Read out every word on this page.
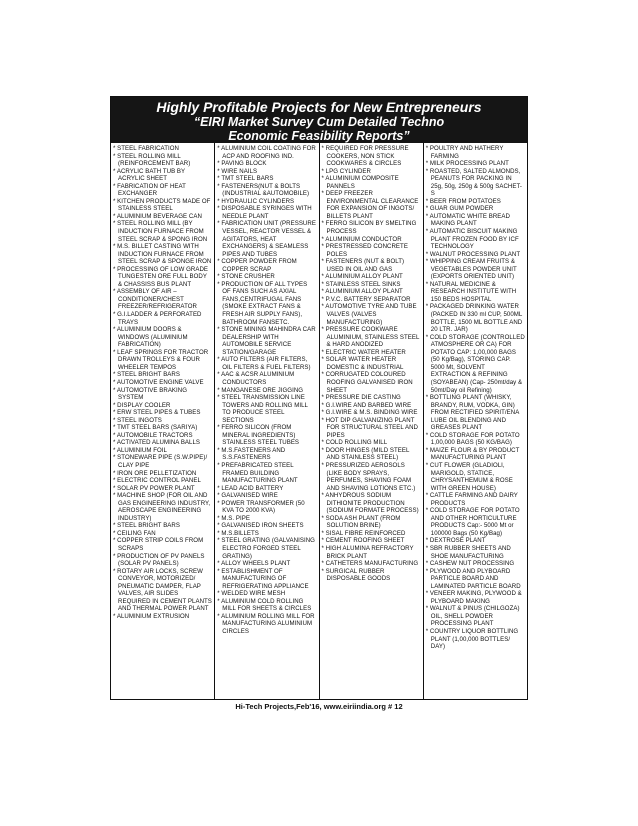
Highly Profitable Projects for New Entrepreneurs
“EIRI Market Survey Cum Detailed Techno
Economic Feasibility Reports”

* STEEL FABRICATION

* STEEL ROLLING MILL (REINFORCEMENT BAR)

* ACRYLIC BATH TUB BY ACRYLIC SHEET

* FABRICATION OF HEAT EXCHANGER

* KITCHEN PRODUCTS MADE OF STAINLESS STEEL

* ALUMINIUM BEVERAGE CAN

* STEEL ROLLING MILL (BY INDUCTION FURNACE FROM STEEL SCRAP & SPONG IRON

* M.S. BILLET CASTING WITH INDUCTION FURNACE FROM STEEL SCRAP & SPONGE IRON

* PROCESSING OF LOW GRADE TUNGESTEN ORE FULL BODY & CHASSISS BUS PLANT

* ASSEMBLY OF AIR – CONDITIONER/CHEST FREEZER/REFRIGERATOR

* G.I.LADDER & PERFORATED TRAYS

* ALUMINIUM DOORS & WINDOWS (ALUMINIUM FABRICATION)

* LEAF SPRINGS FOR TRACTOR DRAWN TROLLEYS & FOUR WHEELER TEMPOS

* STEEL BRIGHT BARS

* AUTOMOTIVE ENGINE VALVE

* AUTOMOTIVE BRAKING SYSTEM

* DISPLAY COOLER

* ERW STEEL PIPES & TUBES

* STEEL INGOTS

* TMT STEEL BARS (SARIYA)

* AUTOMOBILE TRACTORS

* ACTIVATED ALUMINA BALLS

* ALUMINIUM FOIL

* STONEWARE PIPE (S.W.PIPE)/ CLAY PIPE

* IRON ORE PELLETIZATION

* ELECTRIC CONTROL PANEL

* SOLAR PV POWER PLANT

* MACHINE SHOP (FOR OIL AND GAS ENGINEERING INDUSTRY, AEROSCAPE ENGINEERING INDUSTRY)

* STEEL BRIGHT BARS

* CEILING FAN

* COPPER STRIP COILS FROM SCRAPS

* PRODUCTION OF PV PANELS (SOLAR PV PANELS)

* ROTARY AIR LOCKS, SCREW CONVEYOR, MOTORIZED/ PNEUMATIC DAMPER, FLAP VALVES, AIR SLIDES REQUIRED IN CEMENT PLANTS AND THERMAL POWER PLANT

* ALUMINIUM EXTRUSION

* ALUMINIUM COIL COATING FOR ACP AND ROOFING IND.

* PAVING BLOCK

* WIRE NAILS

* TMT STEEL BARS

* FASTENERS(NUT & BOLTS (INDUSTRIAL &AUTOMOBILE)

* HYDRAULIC CYLINDERS

* DISPOSABLE SYRINGES WITH NEEDLE PLANT

* FABRICATION UNIT (PRESSURE VESSEL, REACTOR VESSEL & AGITATORS, HEAT EXCHANGERS) & SEAMLESS PIPES AND TUBES

* COPPER POWDER FROM COPPER SCRAP

* STONE CRUSHER

* PRODUCTION OF ALL TYPES OF FANS SUCH AS AXIAL FANS,CENTRIFUGAL FANS (SMOKE EXTRACT FANS & FRESH AIR SUPPLY FANS), BATHROOM FANSETC.

* STONE MINING MAHINDRA CAR DEALERSHIP WITH AUTOMOBILE SERVICE STATION/GARAGE

* AUTO FILTERS (AIR FILTERS, OIL FILTERS & FUEL FILTERS)

* AAC & ACSR ALUMINIUM CONDUCTORS

* MANGANESE ORE JIGGING

* STEEL TRANSMISSION LINE TOWERS AND ROLLING MILL TO PRODUCE STEEL SECTIONS

* FERRO SILICON (FROM MINERAL INGREDIENTS) STAINLESS STEEL TUBES

* M.S.FASTENERS AND S.S.FASTENERS

* PREFABRICATED STEEL FRAMED BUILDING MANUFACTURING PLANT

* LEAD ACID BATTERY

* GALVANISED WIRE

* POWER TRANSFORMER (50 KVA TO 2000 KVA)

* M.S. PIPE

* GALVANISED IRON SHEETS

* M.S.BILLETS

* STEEL GRATING (GALVANISING ELECTRO FORGED STEEL GRATING)

* ALLOY WHEELS PLANT

* ESTABLISHMENT OF MANUFACTURING OF REFRIGERATING APPLIANCE

* WELDED WIRE MESH

* ALUMINIUM COLD ROLLING MILL FOR SHEETS & CIRCLES

* ALUMINIUM ROLLING MILL FOR MANUFACTURING ALUMINIUM CIRCLES

* REQUIRED FOR PRESSURE COOKERS, NON STICK COOKWARES & CIRCLES

* LPG CYLINDER

* ALUMINIUM COMPOSITE PANNELS

* DEEP FREEZER ENVIRONMENTAL CLEARANCE FOR EXPANSION OF INGOTS/ BILLETS PLANT

* FERRO SILICON BY SMELTING PROCESS

* ALUMINIUM CONDUCTOR

* PRESTRESSED CONCRETE POLES

* FASTENERS (NUT & BOLT) USED IN OIL AND GAS

* ALUMINIUM ALLOY PLANT

* STAINLESS STEEL SINKS

* ALUMINIUM ALLOY PLANT

* P.V.C. BATTERY SEPARATOR

* AUTOMOTIVE TYRE AND TUBE VALVES (VALVES MANUFACTURING)

* PRESSURE COOKWARE ALUMINIUM, STAINLESS STEEL & HARD ANODIZED

* ELECTRIC WATER HEATER

* SOLAR WATER HEATER DOMESTIC & INDUSTRIAL

* CORRUGATED COLOURED ROOFING GALVANISED IRON SHEET

* PRESSURE DIE CASTING

* G.I.WIRE AND BARBED WIRE

* G.I.WIRE & M.S. BINDING WIRE

* HOT DIP GALVANIZING PLANT FOR STRUCTURAL STEEL AND PIPES

* COLD ROLLING MILL

* DOOR HINGES (MILD STEEL AND STAINLESS STEEL)

* PRESSURIZED AEROSOLS (LIKE BODY SPRAYS, PERFUMES, SHAVING FOAM AND SHAVING LOTIONS ETC.)

* ANHYDROUS SODIUM DITHIONITE PRODUCTION (SODIUM FORMATE PROCESS)

* SODA ASH PLANT (FROM SOLUTION BRINE)

* SISAL FIBRE REINFORCED

* CEMENT ROOFING SHEET

* HIGH ALUMINA REFRACTORY BRICK PLANT

* CATHETERS MANUFACTURING

* SURGICAL RUBBER DISPOSABLE GOODS

* POULTRY AND HATHERY FARMING

* MILK PROCESSING PLANT

* ROASTED, SALTED ALMONDS, PEANUTS FOR PACKING IN 25g, 50g, 250g & 500g SACHET-S

* BEER FROM POTATOES

* GUAR GUM POWDER

* AUTOMATIC WHITE BREAD MAKING PLANT

* AUTOMATIC BISCUIT MAKING PLANT FROZEN FOOD BY ICF TECHNOLOGY

* WALNUT PROCESSING PLANT

* WHIPPING CREAM FRUITS & VEGETABLES POWDER UNIT (EXPORTS ORIENTED UNIT)

* NATURAL MEDICINE & RESEARCH INSTITUTE WITH 150 BEDS HOSPITAL

* PACKAGED DRINKING WATER (PACKED IN 330 ml CUP, 500ML BOTTLE, 1500 ML BOTTLE AND 20 LTR. JAR)

* COLD STORAGE (CONTROLLED ATMOSPHERE OR CA) FOR POTATO CAP: 1,00,000 BAGS (50 Kg/Bag), STORING CAP. 5000 Mt, SOLVENT EXTRACTION & REFINING (SOYABEAN) (Cap- 250mt/day & 50mt/Day oil Refining)

* BOTTLING PLANT (WHISKY, BRANDY, RUM, VODKA, GIN) FROM RECTIFIED SPIRIT/ENA LUBE OIL BLENDING AND GREASES PLANT

* COLD STORAGE FOR POTATO 1,00,000 BAGS (50 KG/BAG)

* MAIZE FLOUR & BY PRODUCT MANUFACTURING PLANT

* CUT FLOWER (GLADIOLI, MARIGOLD, STATICE, CHRYSANTHEMUM & ROSE WITH GREEN HOUSE)

* CATTLE FARMING AND DAIRY PRODUCTS

* COLD STORAGE FOR POTATO AND OTHER HORTICULTURE PRODUCTS Cap:- 5000 Mt or 100000 Bags (50 Kg/Bag)

* DEXTROSE PLANT

* SBR RUBBER SHEETS AND SHOE MANUFACTURING

* CASHEW NUT PROCESSING

* PLYWOOD AND PLYBOARD PARTICLE BOARD AND LAMINATED PARTICLE BOARD

* VENEER MAKING, PLYWOOD & PLYBOARD MAKING

* WALNUT & PINUS (CHILGOZA) OIL, SHELL POWDER PROCESSING PLANT

* COUNTRY LIQUOR BOTTLING PLANT (1,00,000 BOTTLES/ DAY)

Hi-Tech Projects,Feb'16, www.eiriindia.org # 12
